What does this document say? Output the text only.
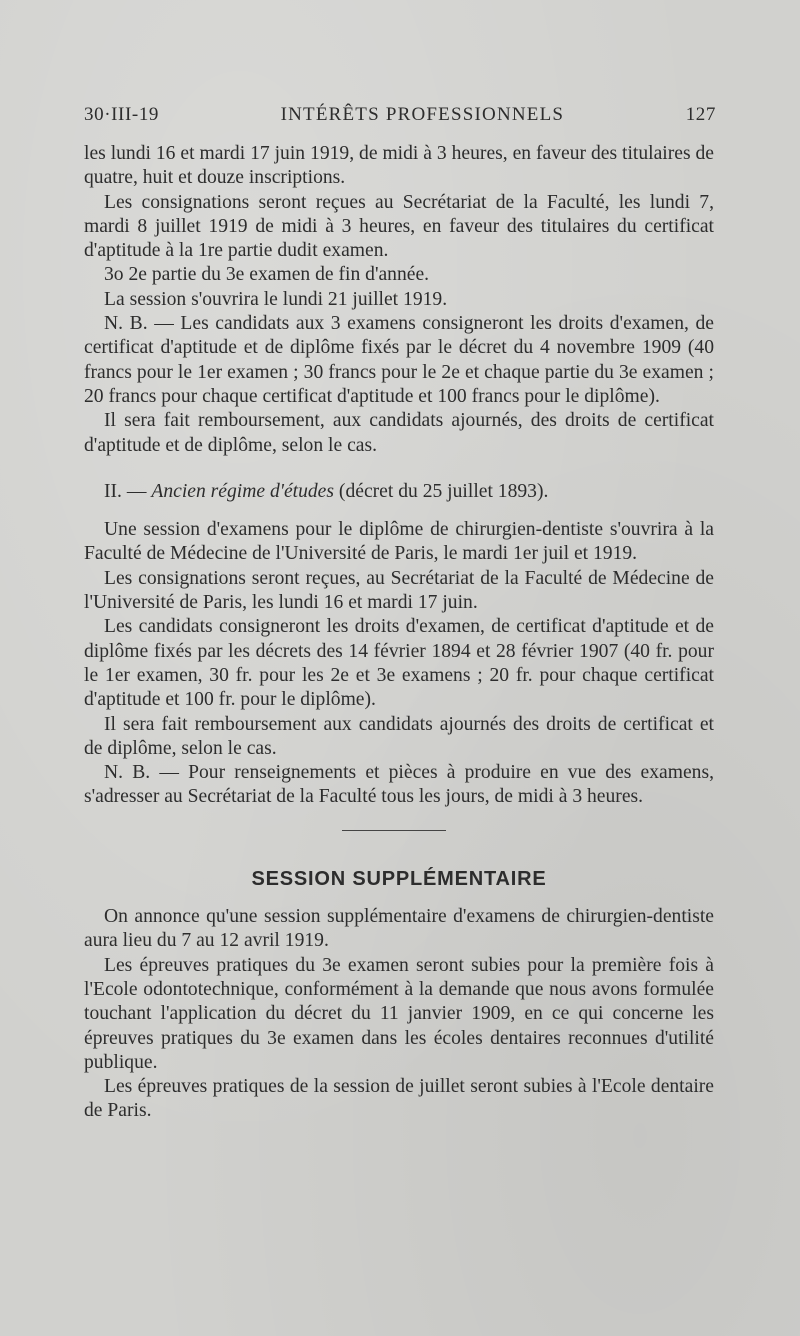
30·III-19	INTÉRÊTS PROFESSIONNELS	127

les lundi 16 et mardi 17 juin 1919, de midi à 3 heures, en faveur des titulaires de quatre, huit et douze inscriptions.

Les consignations seront reçues au Secrétariat de la Faculté, les lundi 7, mardi 8 juillet 1919 de midi à 3 heures, en faveur des titulaires du certificat d'aptitude à la 1re partie dudit examen.

3o 2e partie du 3e examen de fin d'année.

La session s'ouvrira le lundi 21 juillet 1919.

N. B. — Les candidats aux 3 examens consigneront les droits d'examen, de certificat d'aptitude et de diplôme fixés par le décret du 4 novembre 1909 (40 francs pour le 1er examen ; 30 francs pour le 2e et chaque partie du 3e examen ; 20 francs pour chaque certificat d'aptitude et 100 francs pour le diplôme).

Il sera fait remboursement, aux candidats ajournés, des droits de certificat d'aptitude et de diplôme, selon le cas.

II. — Ancien régime d'études (décret du 25 juillet 1893).

Une session d'examens pour le diplôme de chirurgien-dentiste s'ouvrira à la Faculté de Médecine de l'Université de Paris, le mardi 1er juil et 1919.

Les consignations seront reçues, au Secrétariat de la Faculté de Médecine de l'Université de Paris, les lundi 16 et mardi 17 juin.

Les candidats consigneront les droits d'examen, de certificat d'aptitude et de diplôme fixés par les décrets des 14 février 1894 et 28 février 1907 (40 fr. pour le 1er examen, 30 fr. pour les 2e et 3e examens ; 20 fr. pour chaque certificat d'aptitude et 100 fr. pour le diplôme).

Il sera fait remboursement aux candidats ajournés des droits de certificat et de diplôme, selon le cas.

N. B. — Pour renseignements et pièces à produire en vue des examens, s'adresser au Secrétariat de la Faculté tous les jours, de midi à 3 heures.

SESSION SUPPLÉMENTAIRE

On annonce qu'une session supplémentaire d'examens de chirurgien-dentiste aura lieu du 7 au 12 avril 1919.

Les épreuves pratiques du 3e examen seront subies pour la première fois à l'Ecole odontotechnique, conformément à la demande que nous avons formulée touchant l'application du décret du 11 janvier 1909, en ce qui concerne les épreuves pratiques du 3e examen dans les écoles dentaires reconnues d'utilité publique.

Les épreuves pratiques de la session de juillet seront subies à l'Ecole dentaire de Paris.
